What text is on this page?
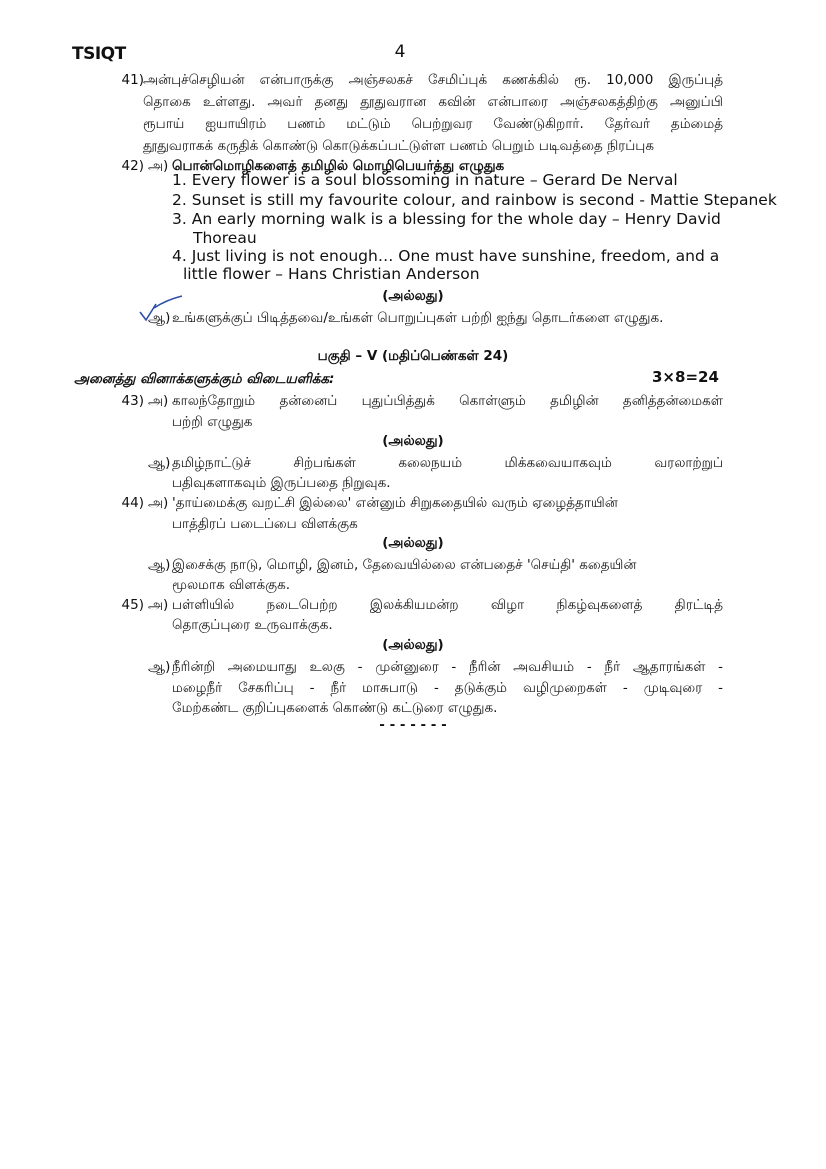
TSIQT	4
41) அன்புச்செழியன் என்பாருக்கு அஞ்சலகச் சேமிப்புக் கணக்கில் ரூ. 10,000 இருப்புத்
தொகை உள்ளது. அவர் தனது தூதுவரான கவின் என்பாரை அஞ்சலகத்திற்கு அனுப்பி
ரூபாய் ஐயாயிரம் பணம் மட்டும் பெற்றுவர வேண்டுகிறார். தேர்வர் தம்மைத்
தூதுவராகக் கருதிக் கொண்டு கொடுக்கப்பட்டுள்ள பணம் பெறும் படிவத்தை நிரப்புக
42) அ) பொன்மொழிகளைத் தமிழில் மொழிபெயர்த்து எழுதுக
1. Every flower is a soul blossoming in nature – Gerard De Nerval
2. Sunset is still my favourite colour, and rainbow is second - Mattie Stepanek
3. An early morning walk is a blessing for the whole day – Henry David
Thoreau
4. Just living is not enough… One must have sunshine, freedom, and a
little flower – Hans Christian Anderson
(அல்லது)
ஆ) உங்களுக்குப் பிடித்தவை/உங்கள் பொறுப்புகள் பற்றி ஐந்து தொடர்களை எழுதுக.
பகுதி – V (மதிப்பெண்கள் 24)
அனைத்து வினாக்களுக்கும் விடையளிக்க:	3×8=24
43) அ) காலந்தோறும் தன்னைப் புதுப்பித்துக் கொள்ளும் தமிழின் தனித்தன்மைகள்
பற்றி எழுதுக
(அல்லது)
ஆ) தமிழ்நாட்டுச் சிற்பங்கள் கலைநயம் மிக்கவையாகவும் வரலாற்றுப்
பதிவுகளாகவும் இருப்பதை நிறுவுக.
44) அ) 'தாய்மைக்கு வறட்சி இல்லை' என்னும் சிறுகதையில் வரும் ஏழைத்தாயின்
பாத்திரப் படைப்பை விளக்குக
(அல்லது)
ஆ) இசைக்கு நாடு, மொழி, இனம், தேவையில்லை என்பதைச் 'செய்தி' கதையின்
மூலமாக விளக்குக.
45) அ) பள்ளியில் நடைபெற்ற இலக்கியமன்ற விழா நிகழ்வுகளைத் திரட்டித்
தொகுப்புரை உருவாக்குக.
(அல்லது)
ஆ) நீரின்றி அமையாது உலகு - முன்னுரை - நீரின் அவசியம் - நீர் ஆதாரங்கள் -
மழைநீர் சேகரிப்பு - நீர் மாசுபாடு - தடுக்கும் வழிமுறைகள் - முடிவுரை -
மேற்கண்ட குறிப்புகளைக் கொண்டு கட்டுரை எழுதுக.
- - - - - - -
